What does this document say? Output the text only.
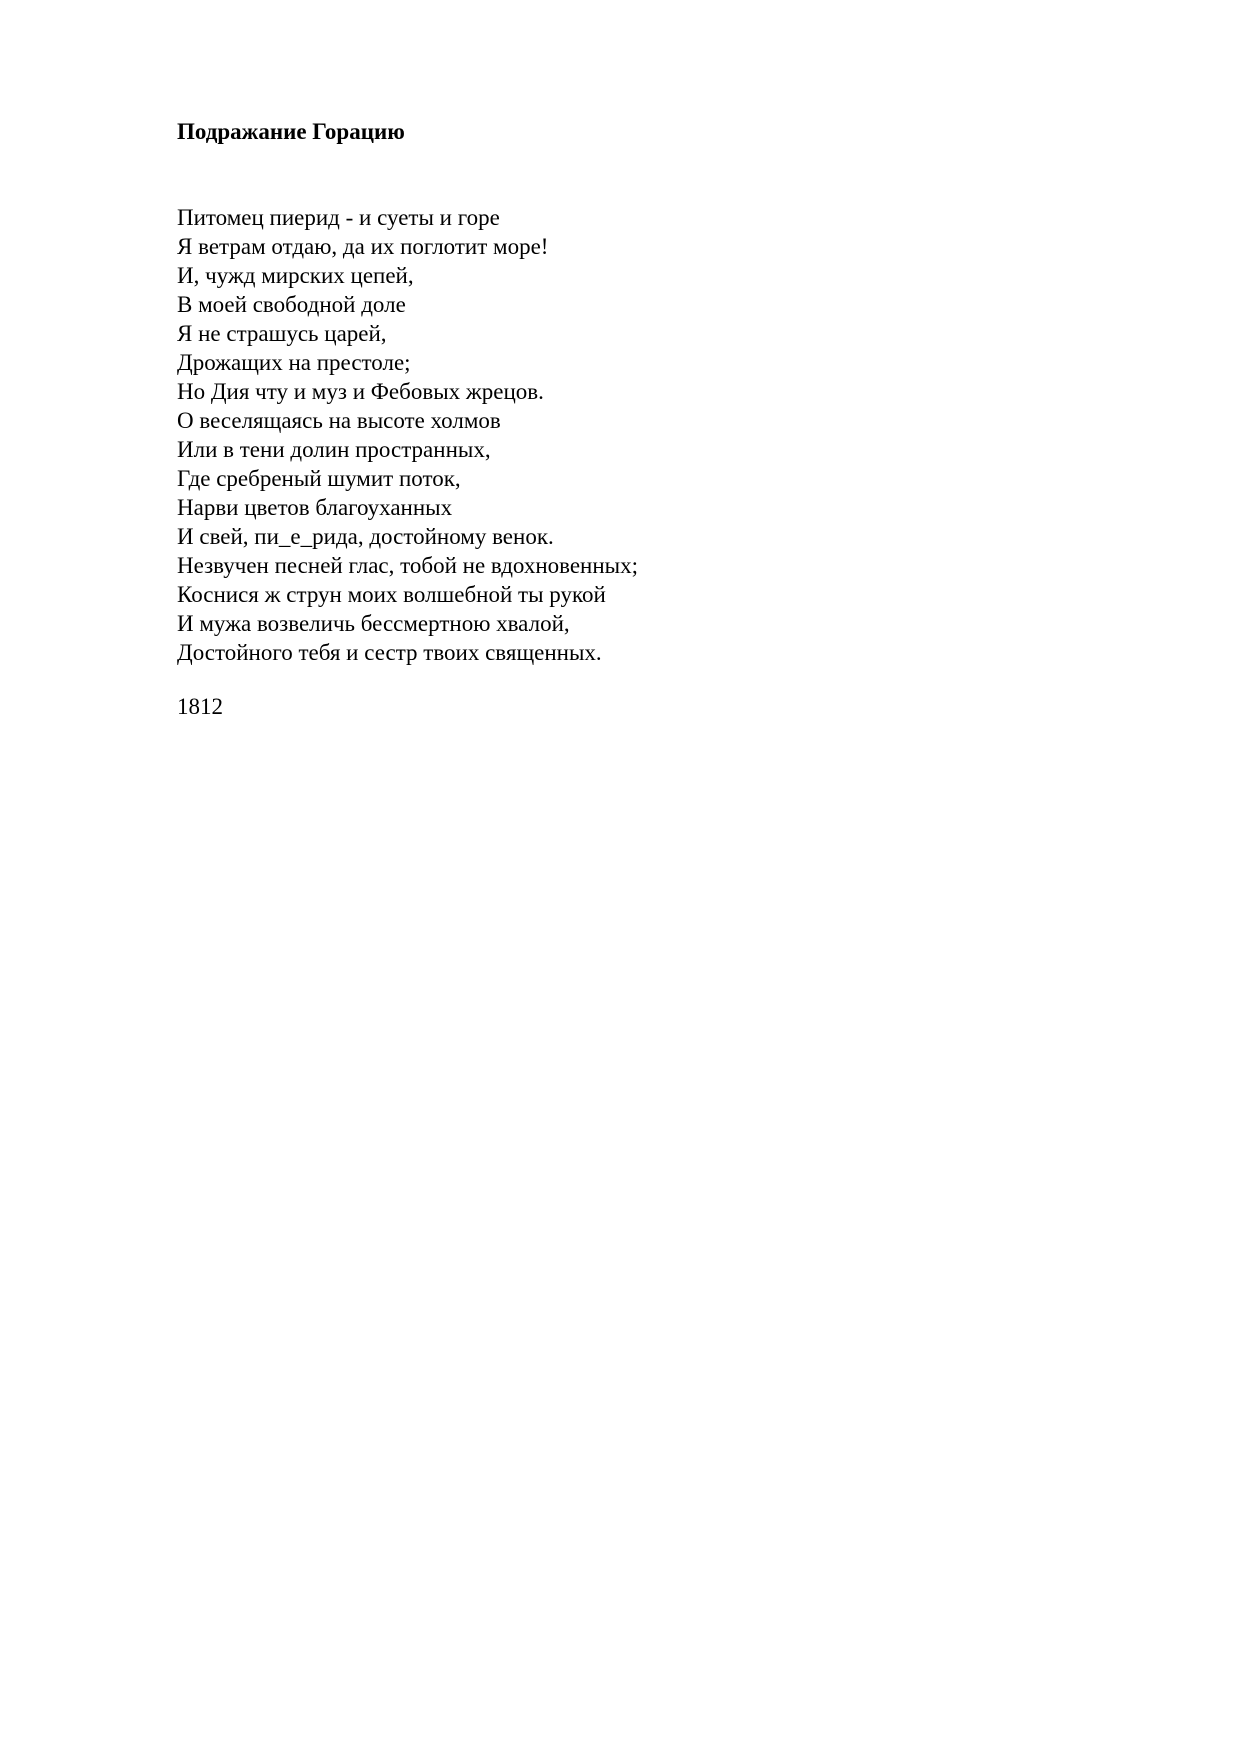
Подражание Горацию
Питомец пиерид - и суеты и горе
Я ветрам отдаю, да их поглотит море!
И, чужд мирских цепей,
В моей свободной доле
Я не страшусь царей,
Дрожащих на престоле;
Но Дия чту и муз и Фебовых жрецов.
О веселящаясь на высоте холмов
Или в тени долин пространных,
Где сребреный шумит поток,
Нарви цветов благоуханных
И свей, пи_е_рида, достойному венок.
Незвучен песней глас, тобой не вдохновенных;
Коснися ж струн моих волшебной ты рукой
И мужа возвеличь бессмертною хвалой,
Достойного тебя и сестр твоих священных.

1812
